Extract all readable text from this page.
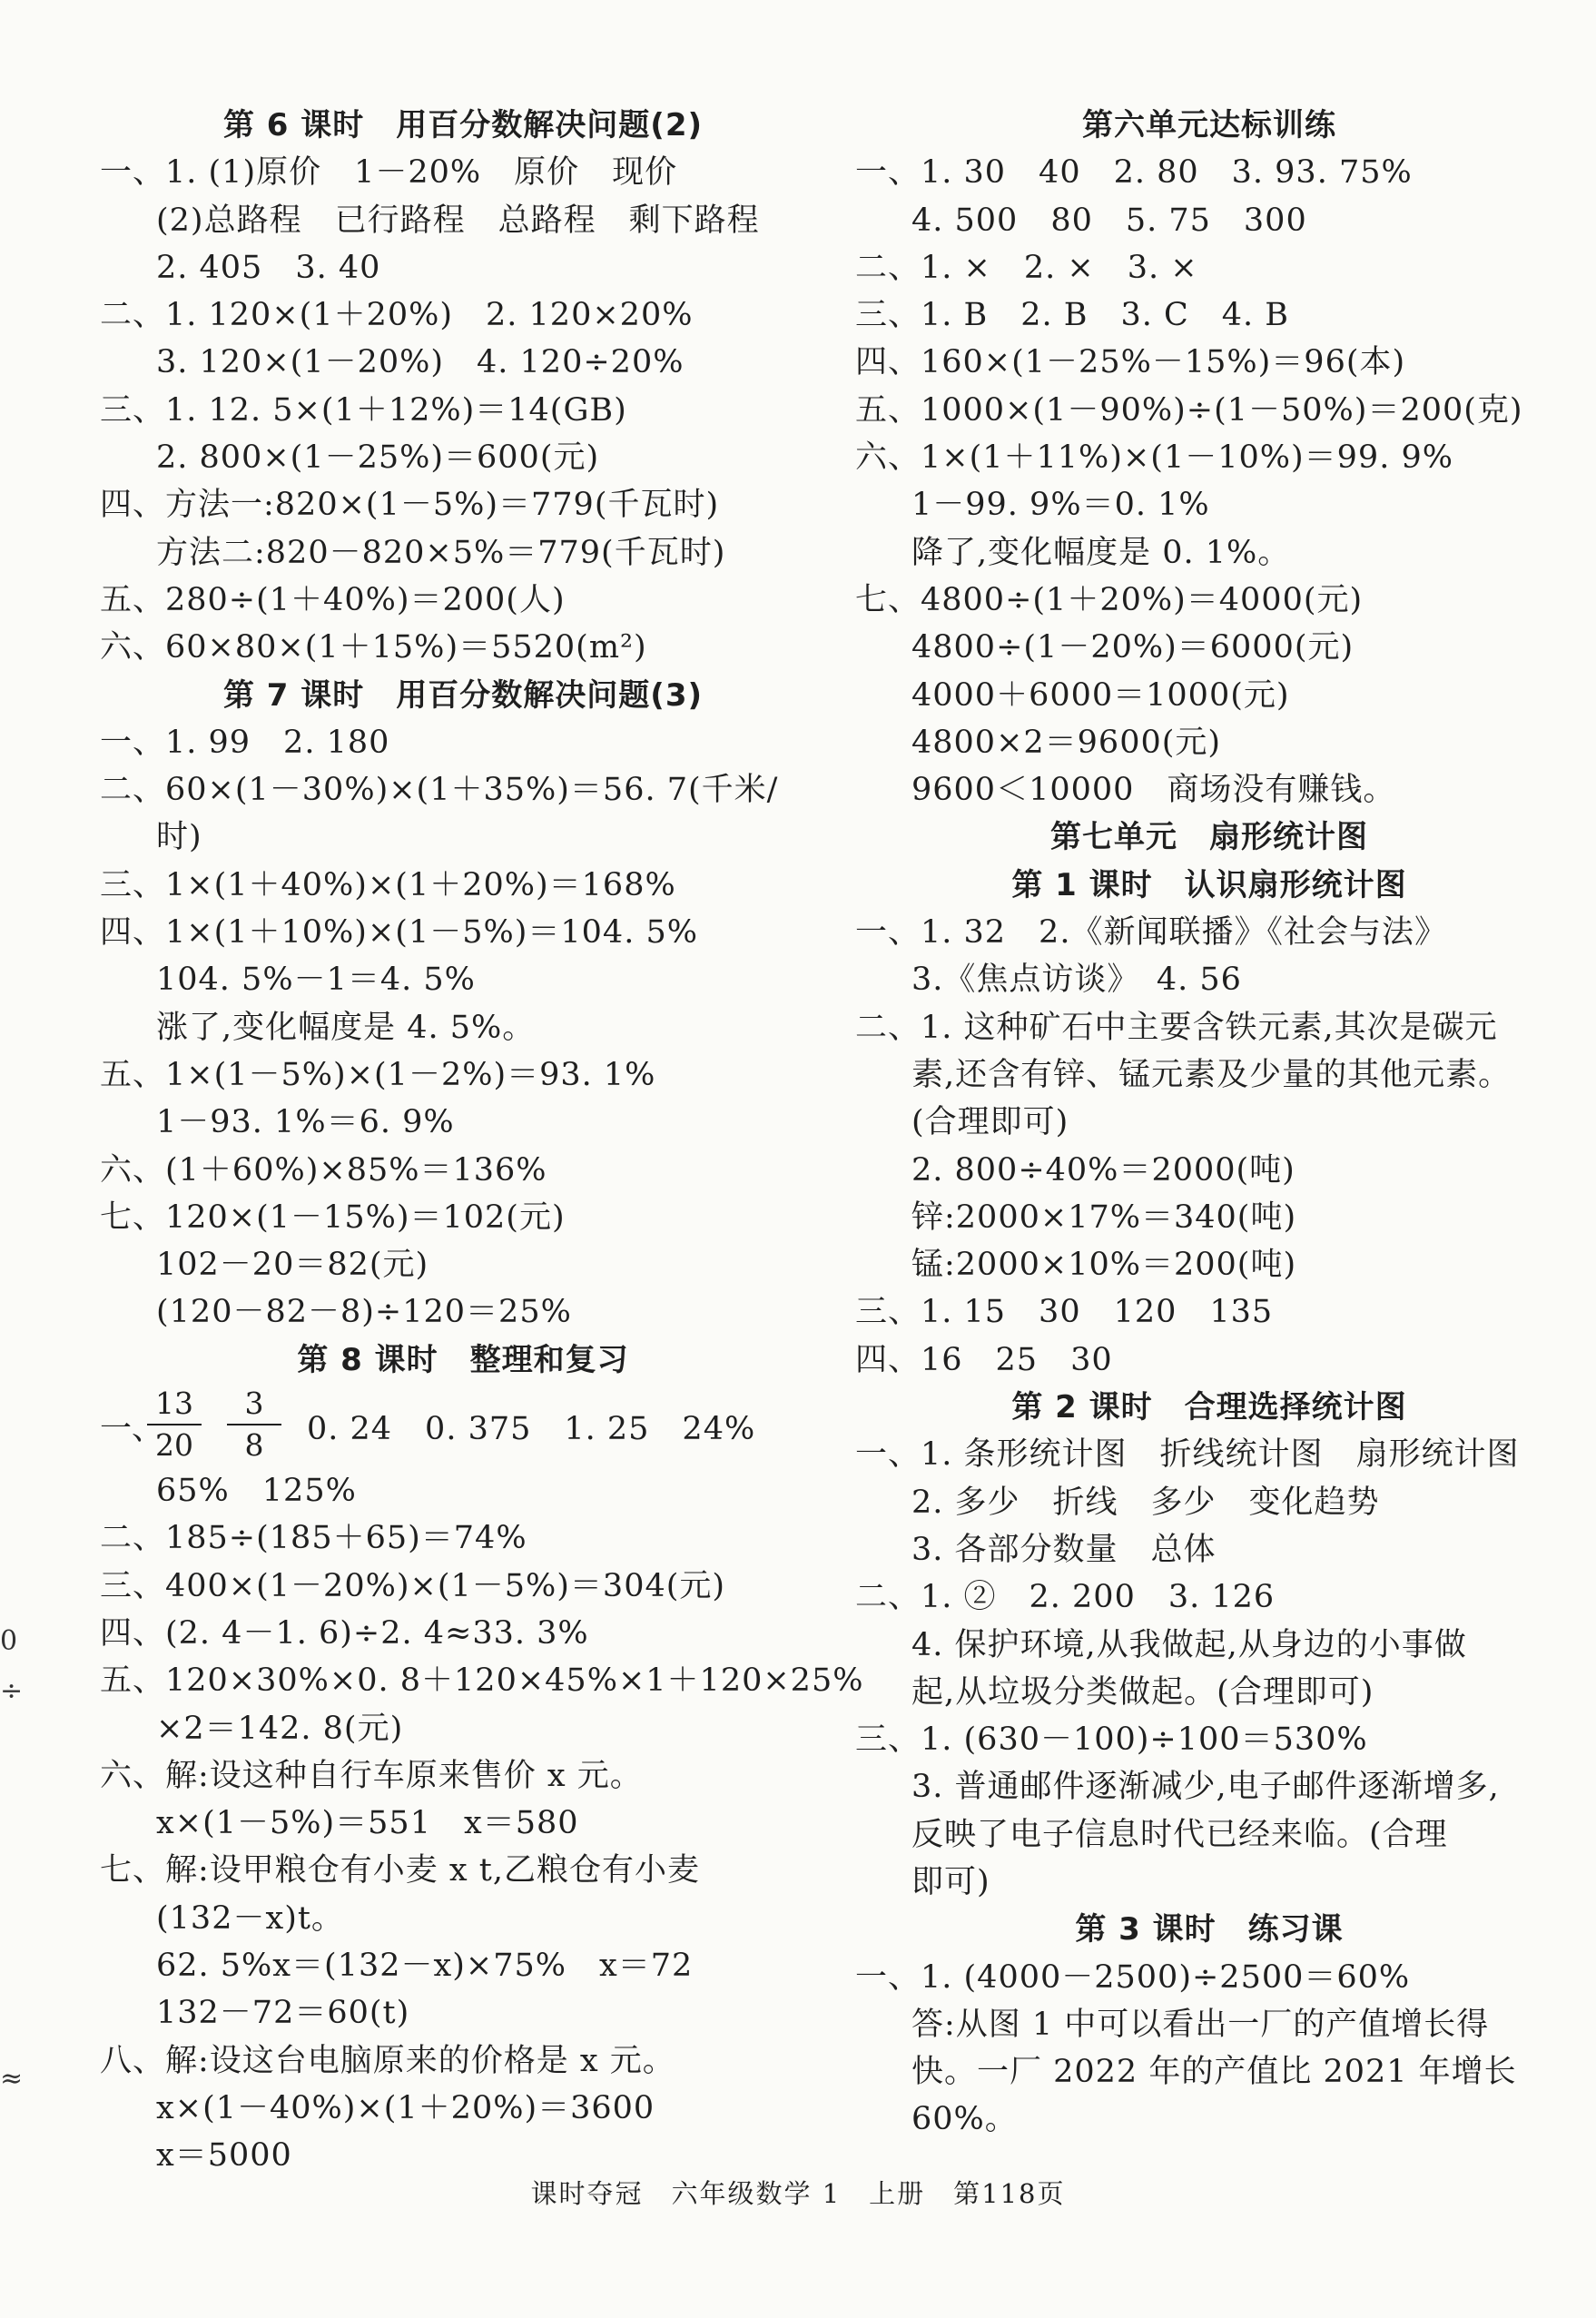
第 6 课时　用百分数解决问题(2)
一、1. (1)原价　1－20%　原价　现价
(2)总路程　已行路程　总路程　剩下路程
2. 405　3. 40
二、1. 120×(1＋20%)　2. 120×20%
3. 120×(1－20%)　4. 120÷20%
三、1. 12. 5×(1＋12%)＝14(GB)
2. 800×(1－25%)＝600(元)
四、方法一:820×(1－5%)＝779(千瓦时)
方法二:820－820×5%＝779(千瓦时)
五、280÷(1＋40%)＝200(人)
六、60×80×(1＋15%)＝5520(m²)
第 7 课时　用百分数解决问题(3)
一、1. 99　2. 180
二、60×(1－30%)×(1＋35%)＝56. 7(千米/
时)
三、1×(1＋40%)×(1＋20%)＝168%
四、1×(1＋10%)×(1－5%)＝104. 5%
104. 5%－1＝4. 5%
涨了,变化幅度是 4. 5%。
五、1×(1－5%)×(1－2%)＝93. 1%
1－93. 1%＝6. 9%
六、(1＋60%)×85%＝136%
七、120×(1－15%)＝102(元)
102－20＝82(元)
(120－82－8)÷120＝25%
第 8 课时　整理和复习
一、
$\frac{13}{20} \frac{3}{8} 0$. 24　0. 375　1. 25　24%
65%　125%
二、185÷(185＋65)＝74%
三、400×(1－20%)×(1－5%)＝304(元)
四、(2. 4－1. 6)÷2. 4≈33. 3%
五、120×30%×0. 8＋120×45%×1＋120×25%
×2＝142. 8(元)
六、解:设这种自行车原来售价 x 元。
x×(1－5%)＝551　x＝580
七、解:设甲粮仓有小麦 x t,乙粮仓有小麦
(132－x)t。
62. 5%x＝(132－x)×75%　x＝72
132－72＝60(t)
八、解:设这台电脑原来的价格是 x 元。
x×(1－40%)×(1＋20%)＝3600
x＝5000
第六单元达标训练
一、1. 30　40　2. 80　3. 93. 75%
4. 500　80　5. 75　300
二、1. ×　2. ×　3. ×
三、1. B　2. B　3. C　4. B
四、160×(1－25%－15%)＝96(本)
五、1000×(1－90%)÷(1－50%)＝200(克)
六、1×(1＋11%)×(1－10%)＝99. 9%
1－99. 9%＝0. 1%
降了,变化幅度是 0. 1%。
七、4800÷(1＋20%)＝4000(元)
4800÷(1－20%)＝6000(元)
4000＋6000＝1000(元)
4800×2＝9600(元)
9600＜10000　商场没有赚钱。
第七单元　扇形统计图
第 1 课时　认识扇形统计图
一、1. 32　2.《新闻联播》《社会与法》
3.《焦点访谈》　4. 56
二、1. 这种矿石中主要含铁元素,其次是碳元
素,还含有锌、锰元素及少量的其他元素。
(合理即可)
2. 800÷40%＝2000(吨)
锌:2000×17%＝340(吨)
锰:2000×10%＝200(吨)
三、1. 15　30　120　135
四、16　25　30
第 2 课时　合理选择统计图
一、1. 条形统计图　折线统计图　扇形统计图
2. 多少　折线　多少　变化趋势
3. 各部分数量　总体
二、1. ②　2. 200　3. 126
4. 保护环境,从我做起,从身边的小事做
起,从垃圾分类做起。(合理即可)
三、1. (630－100)÷100＝530%
3. 普通邮件逐渐减少,电子邮件逐渐增多,
反映了电子信息时代已经来临。(合理
即可)
第 3 课时　练习课
一、1. (4000－2500)÷2500＝60%
答:从图 1 中可以看出一厂的产值增长得
快。一厂 2022 年的产值比 2021 年增长
60%。
0
÷
≈
课时夺冠　六年级数学 1　上册　第118页
